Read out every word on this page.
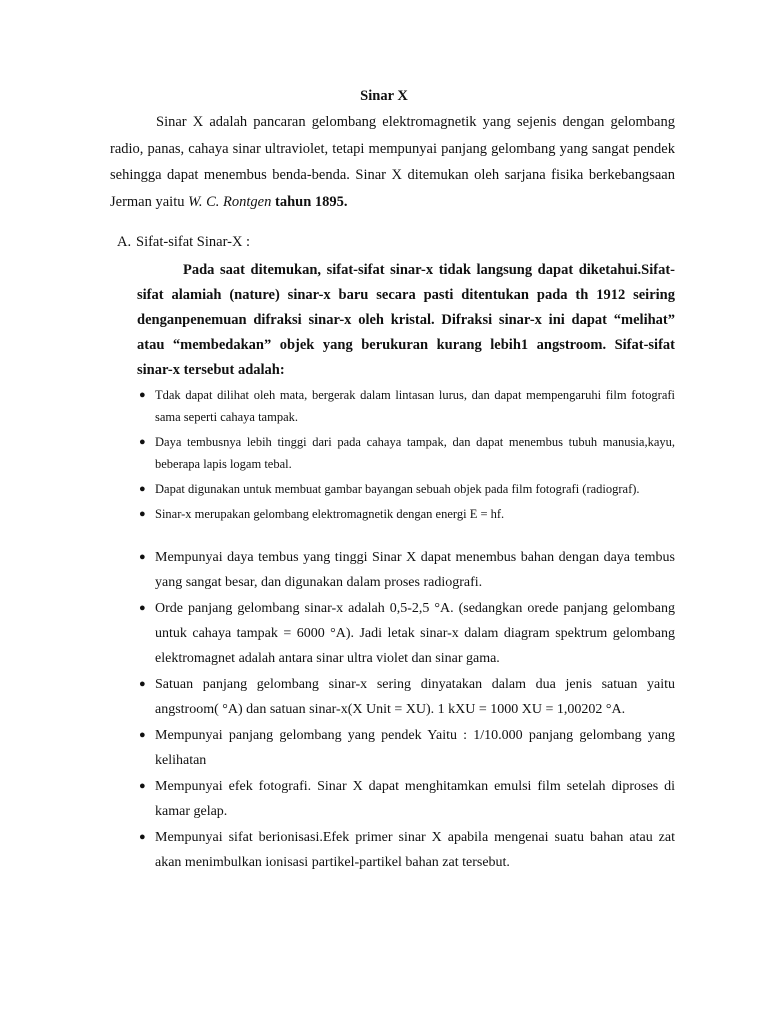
Sinar X

Sinar X adalah pancaran gelombang elektromagnetik yang sejenis dengan gelombang radio, panas, cahaya sinar ultraviolet, tetapi mempunyai panjang gelombang yang sangat pendek sehingga dapat menembus benda-benda. Sinar X ditemukan oleh sarjana fisika berkebangsaan Jerman yaitu W. C. Rontgen tahun 1895.

A. Sifat-sifat Sinar-X :

Pada saat ditemukan, sifat-sifat sinar-x tidak langsung dapat diketahui.Sifat-sifat alamiah (nature) sinar-x baru secara pasti ditentukan pada th 1912 seiring denganpenemuan difraksi sinar-x oleh kristal. Difraksi sinar-x ini dapat “melihat” atau “membedakan” objek yang berukuran kurang lebih1 angstroom. Sifat-sifat sinar-x tersebut adalah:

● Tdak dapat dilihat oleh mata, bergerak dalam lintasan lurus, dan dapat mempengaruhi film fotografi sama seperti cahaya tampak.
● Daya tembusnya lebih tinggi dari pada cahaya tampak, dan dapat menembus tubuh manusia,kayu, beberapa lapis logam tebal.
● Dapat digunakan untuk membuat gambar bayangan sebuah objek pada film fotografi (radiograf).
● Sinar-x merupakan gelombang elektromagnetik dengan energi E = hf.
● Mempunyai daya tembus yang tinggi Sinar X dapat menembus bahan dengan daya tembus yang sangat besar, dan digunakan dalam proses radiografi.
● Orde panjang gelombang sinar-x adalah 0,5-2,5 °A. (sedangkan orede panjang gelombang untuk cahaya tampak = 6000 °A). Jadi letak sinar-x dalam diagram spektrum gelombang elektromagnet adalah antara sinar ultra violet dan sinar gama.
● Satuan panjang gelombang sinar-x sering dinyatakan dalam dua jenis satuan yaitu angstroom( °A) dan satuan sinar-x(X Unit = XU). 1 kXU = 1000 XU = 1,00202 °A.
● Mempunyai panjang gelombang yang pendek Yaitu : 1/10.000 panjang gelombang yang kelihatan
● Mempunyai efek fotografi. Sinar X dapat menghitamkan emulsi film setelah diproses di kamar gelap.
● Mempunyai sifat berionisasi.Efek primer sinar X apabila mengenai suatu bahan atau zat akan menimbulkan ionisasi partikel-partikel bahan zat tersebut.
